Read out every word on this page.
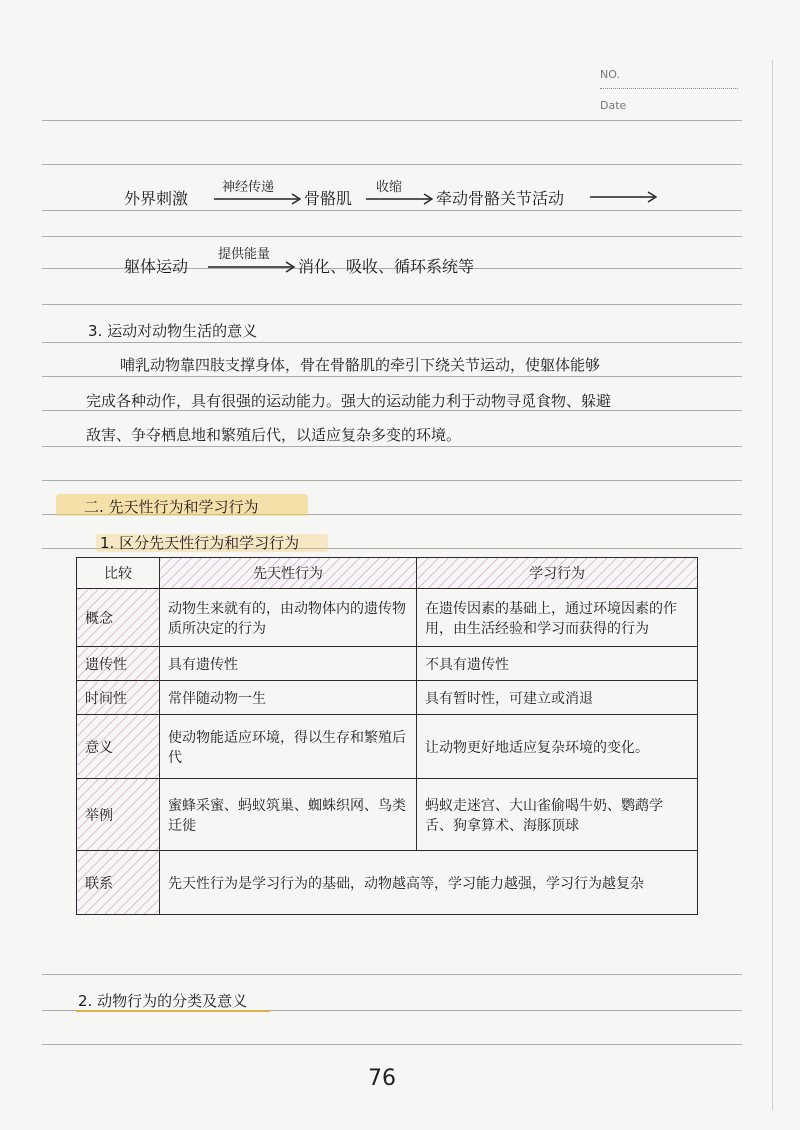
NO.
Date
外界刺激
神经传递
骨骼肌
收缩
牵动骨骼关节活动
躯体运动
提供能量
消化、吸收、循环系统等
3. 运动对动物生活的意义
哺乳动物靠四肢支撑身体，骨在骨骼肌的牵引下绕关节运动，使躯体能够
完成各种动作，具有很强的运动能力。强大的运动能力利于动物寻觅食物、躲避
敌害、争夺栖息地和繁殖后代，以适应复杂多变的环境。
二. 先天性行为和学习行为
1. 区分先天性行为和学习行为
比较	先天性行为	学习行为
概念	动物生来就有的，由动物体内的遗传物质所决定的行为	在遗传因素的基础上，通过环境因素的作用，由生活经验和学习而获得的行为
遗传性	具有遗传性	不具有遗传性
时间性	常伴随动物一生	具有暂时性，可建立或消退
意义	使动物能适应环境，得以生存和繁殖后代	让动物更好地适应复杂环境的变化。
举例	蜜蜂采蜜、蚂蚁筑巢、蜘蛛织网、鸟类迁徙	蚂蚁走迷宫、大山雀偷喝牛奶、鹦鹉学舌、狗拿算术、海豚顶球
联系	先天性行为是学习行为的基础，动物越高等，学习能力越强，学习行为越复杂	
2. 动物行为的分类及意义
76
